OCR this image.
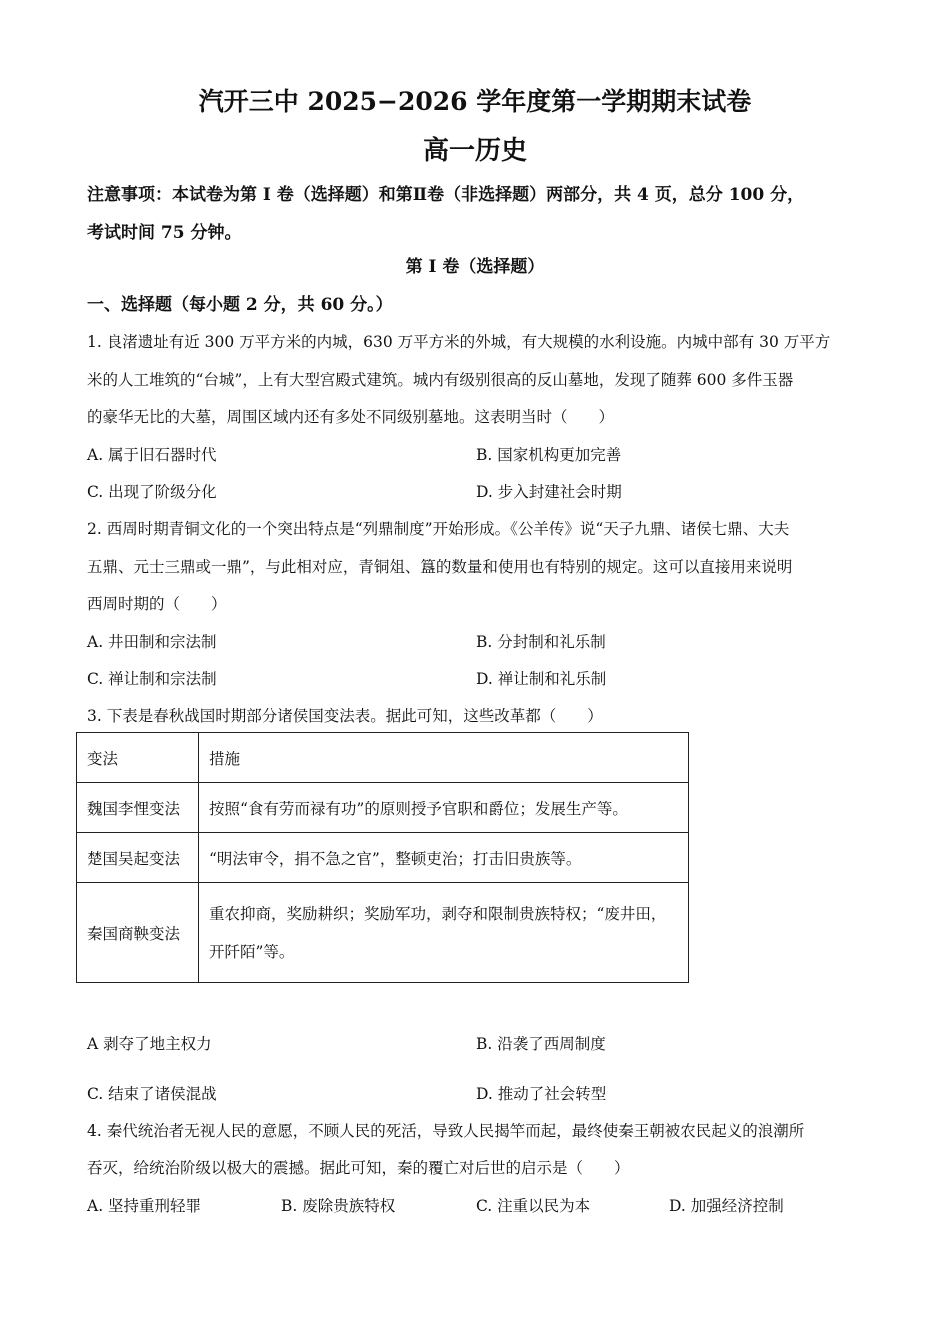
汽开三中 2025−2026 学年度第一学期期末试卷
高一历史
注意事项：本试卷为第 I 卷（选择题）和第Ⅱ卷（非选择题）两部分，共 4 页，总分 100 分，
考试时间 75 分钟。
第 I 卷（选择题）
一、选择题（每小题 2 分，共 60 分。）
1. 良渚遗址有近 300 万平方米的内城，630 万平方米的外城，有大规模的水利设施。内城中部有 30 万平方
米的人工堆筑的“台城”，上有大型宫殿式建筑。城内有级别很高的反山墓地，发现了随葬 600 多件玉器
的豪华无比的大墓，周围区域内还有多处不同级别墓地。这表明当时（　　）
A. 属于旧石器时代	B. 国家机构更加完善
C. 出现了阶级分化	D. 步入封建社会时期
2. 西周时期青铜文化的一个突出特点是“列鼎制度”开始形成。《公羊传》说“天子九鼎、诸侯七鼎、大夫
五鼎、元士三鼎或一鼎”，与此相对应，青铜俎、簋的数量和使用也有特别的规定。这可以直接用来说明
西周时期的（　　）
A. 井田制和宗法制	B. 分封制和礼乐制
C. 禅让制和宗法制	D. 禅让制和礼乐制
3. 下表是春秋战国时期部分诸侯国变法表。据此可知，这些改革都（　　）
变法	措施
魏国李悝变法	按照“食有劳而禄有功”的原则授予官职和爵位；发展生产等。
楚国吴起变法	“明法审令，捐不急之官”，整顿吏治；打击旧贵族等。
秦国商鞅变法	重农抑商，奖励耕织；奖励军功，剥夺和限制贵族特权；“废井田，开阡陌”等。
A 剥夺了地主权力	B. 沿袭了西周制度
C. 结束了诸侯混战	D. 推动了社会转型
4. 秦代统治者无视人民的意愿，不顾人民的死活，导致人民揭竿而起，最终使秦王朝被农民起义的浪潮所
吞灭，给统治阶级以极大的震撼。据此可知，秦的覆亡对后世的启示是（　　）
A. 坚持重刑轻罪	B. 废除贵族特权	C. 注重以民为本	D. 加强经济控制
